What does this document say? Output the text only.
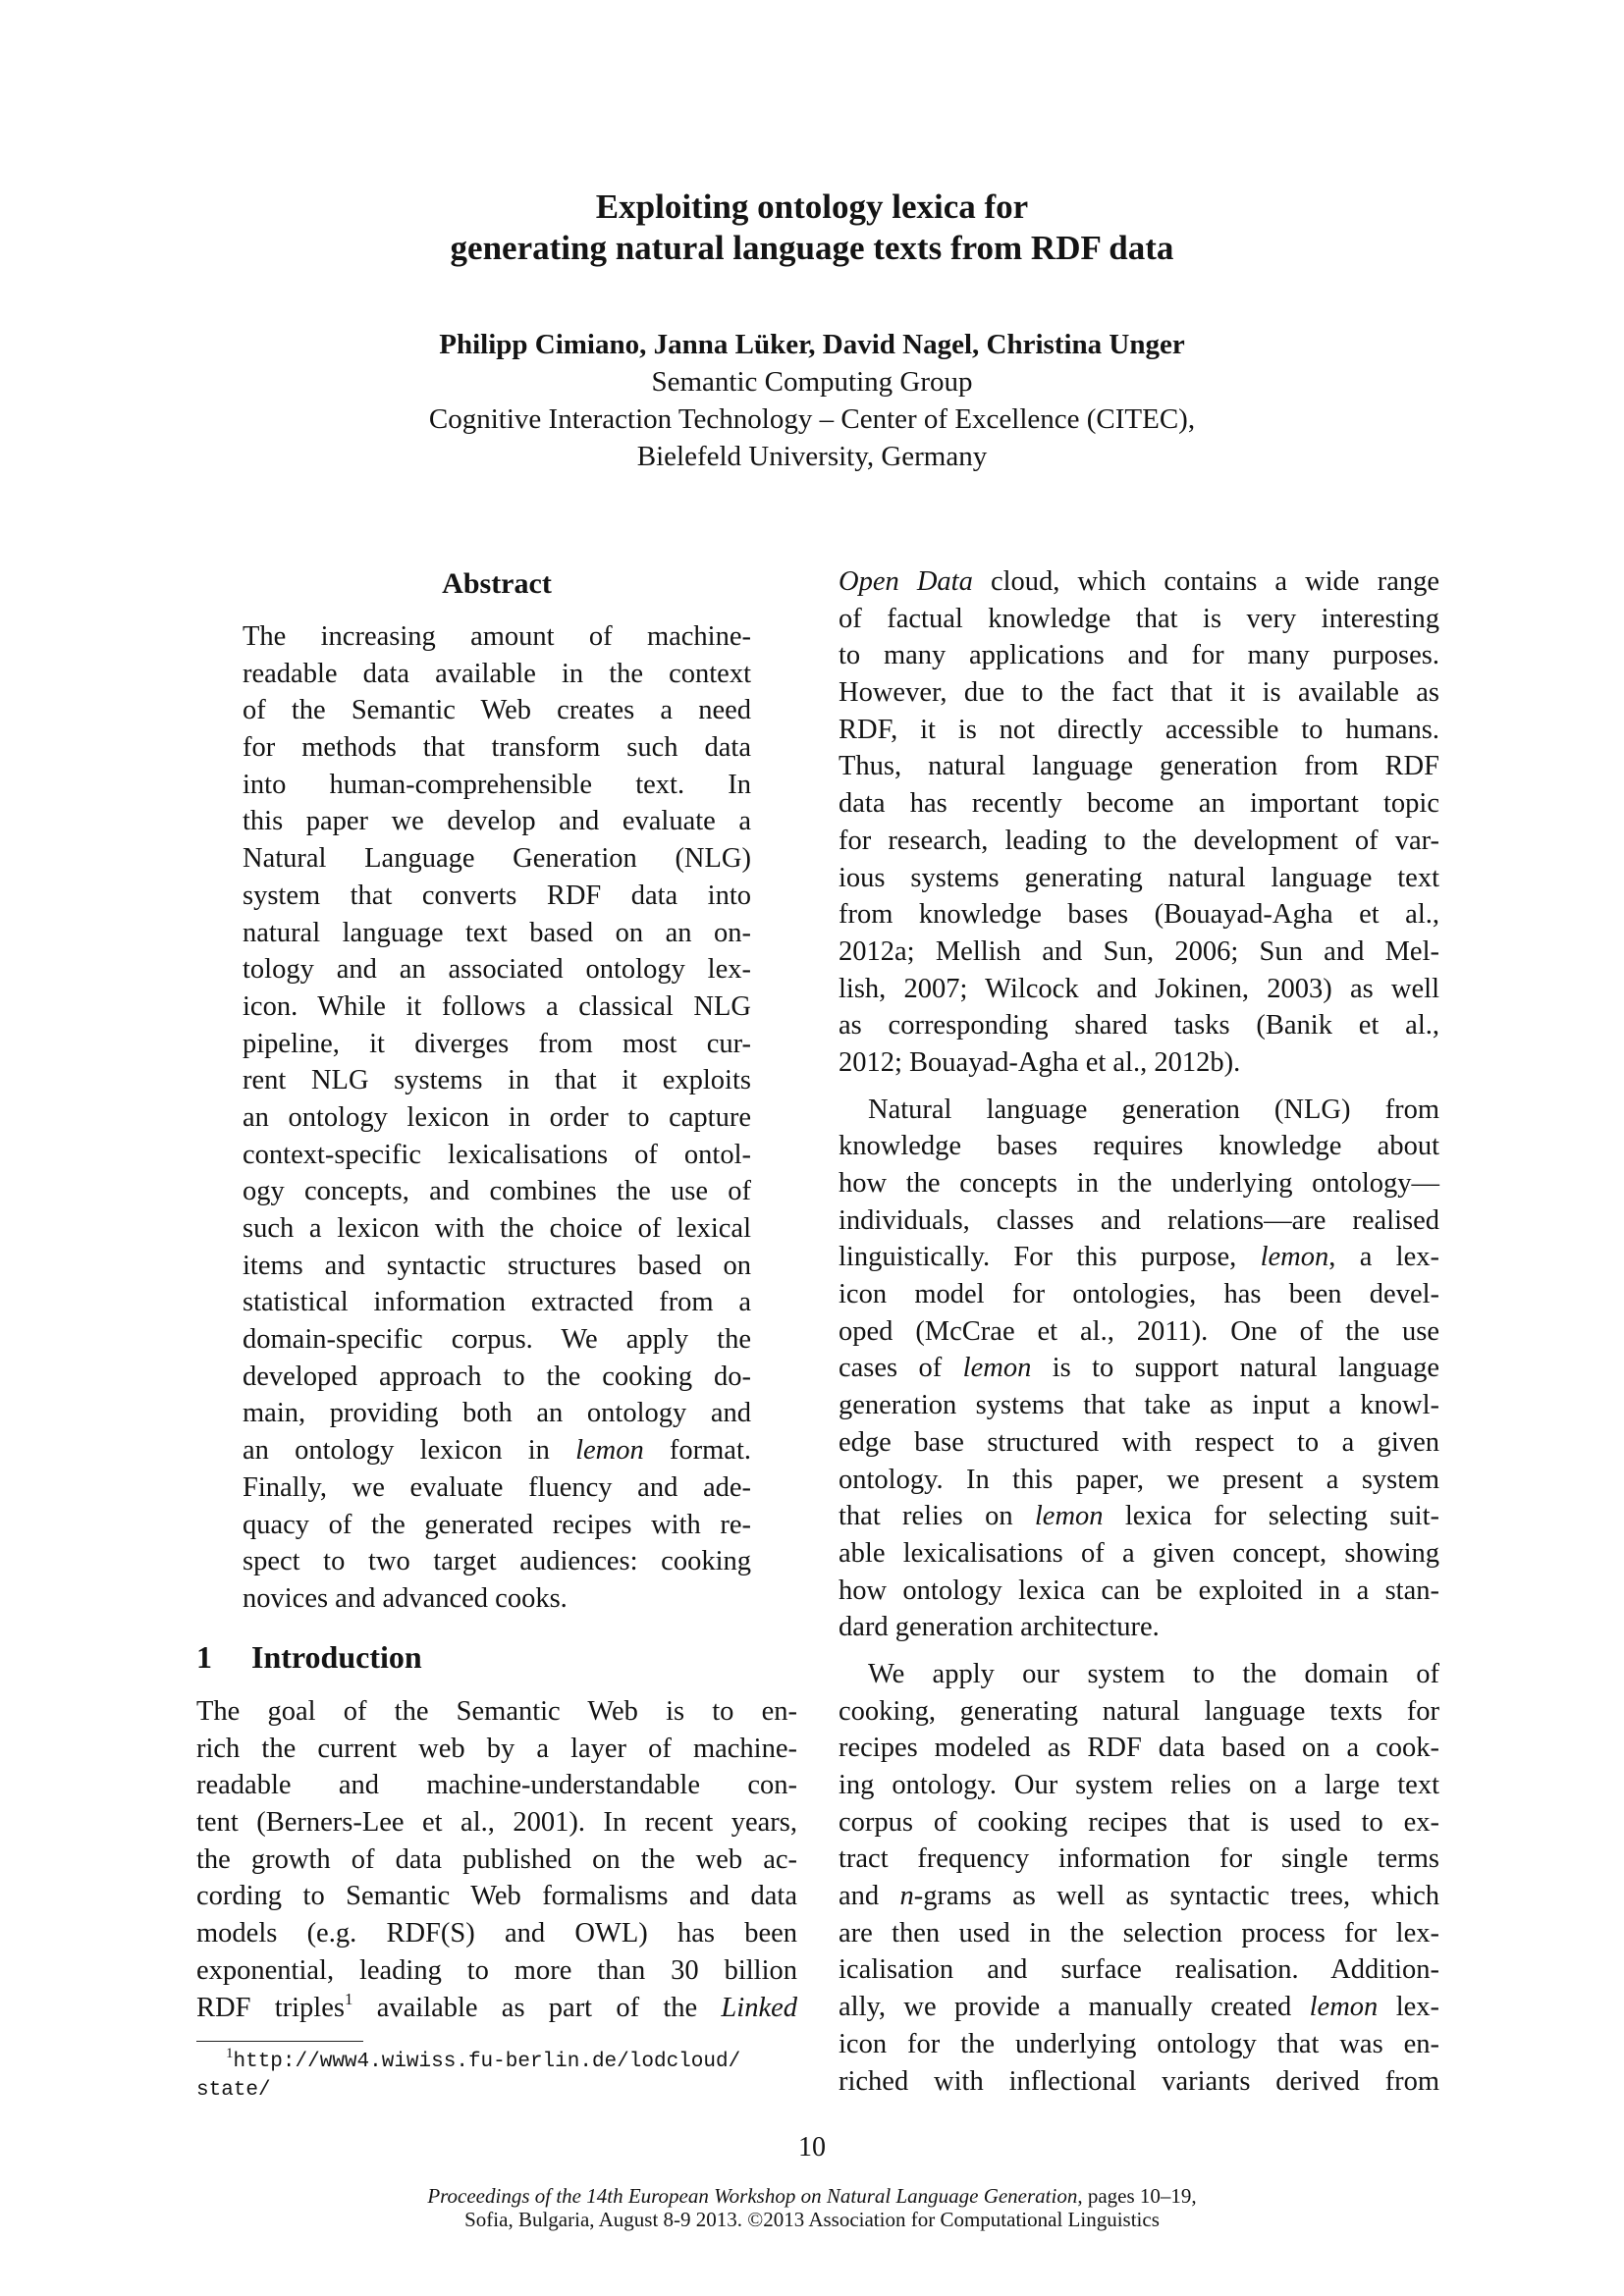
Exploiting ontology lexica for
generating natural language texts from RDF data
Philipp Cimiano, Janna Lüker, David Nagel, Christina Unger
Semantic Computing Group
Cognitive Interaction Technology – Center of Excellence (CITEC),
Bielefeld University, Germany
Abstract
The increasing amount of machine-
readable data available in the context
of the Semantic Web creates a need
for methods that transform such data
into human-comprehensible text. In
this paper we develop and evaluate a
Natural Language Generation (NLG)
system that converts RDF data into
natural language text based on an on-
tology and an associated ontology lex-
icon. While it follows a classical NLG
pipeline, it diverges from most cur-
rent NLG systems in that it exploits
an ontology lexicon in order to capture
context-specific lexicalisations of ontol-
ogy concepts, and combines the use of
such a lexicon with the choice of lexical
items and syntactic structures based on
statistical information extracted from a
domain-specific corpus. We apply the
developed approach to the cooking do-
main, providing both an ontology and
an ontology lexicon in lemon format.
Finally, we evaluate fluency and ade-
quacy of the generated recipes with re-
spect to two target audiences: cooking
novices and advanced cooks.
1 Introduction
The goal of the Semantic Web is to en-
rich the current web by a layer of machine-
readable and machine-understandable con-
tent (Berners-Lee et al., 2001). In recent years,
the growth of data published on the web ac-
cording to Semantic Web formalisms and data
models (e.g. RDF(S) and OWL) has been
exponential, leading to more than 30 billion
RDF triples$^1$ available as part of the Linked
$^1$http://www4.wiwiss.fu-berlin.de/lodcloud/
state/
Open Data cloud, which contains a wide range
of factual knowledge that is very interesting
to many applications and for many purposes.
However, due to the fact that it is available as
RDF, it is not directly accessible to humans.
Thus, natural language generation from RDF
data has recently become an important topic
for research, leading to the development of var-
ious systems generating natural language text
from knowledge bases (Bouayad-Agha et al.,
2012a; Mellish and Sun, 2006; Sun and Mel-
lish, 2007; Wilcock and Jokinen, 2003) as well
as corresponding shared tasks (Banik et al.,
2012; Bouayad-Agha et al., 2012b).
Natural language generation (NLG) from
knowledge bases requires knowledge about
how the concepts in the underlying ontology—
individuals, classes and relations—are realised
linguistically. For this purpose, lemon, a lex-
icon model for ontologies, has been devel-
oped (McCrae et al., 2011). One of the use
cases of lemon is to support natural language
generation systems that take as input a knowl-
edge base structured with respect to a given
ontology. In this paper, we present a system
that relies on lemon lexica for selecting suit-
able lexicalisations of a given concept, showing
how ontology lexica can be exploited in a stan-
dard generation architecture.
We apply our system to the domain of
cooking, generating natural language texts for
recipes modeled as RDF data based on a cook-
ing ontology. Our system relies on a large text
corpus of cooking recipes that is used to ex-
tract frequency information for single terms
and n-grams as well as syntactic trees, which
are then used in the selection process for lex-
icalisation and surface realisation. Addition-
ally, we provide a manually created lemon lex-
icon for the underlying ontology that was en-
riched with inflectional variants derived from
10
Proceedings of the 14th European Workshop on Natural Language Generation, pages 10–19,
Sofia, Bulgaria, August 8-9 2013. ©2013 Association for Computational Linguistics
